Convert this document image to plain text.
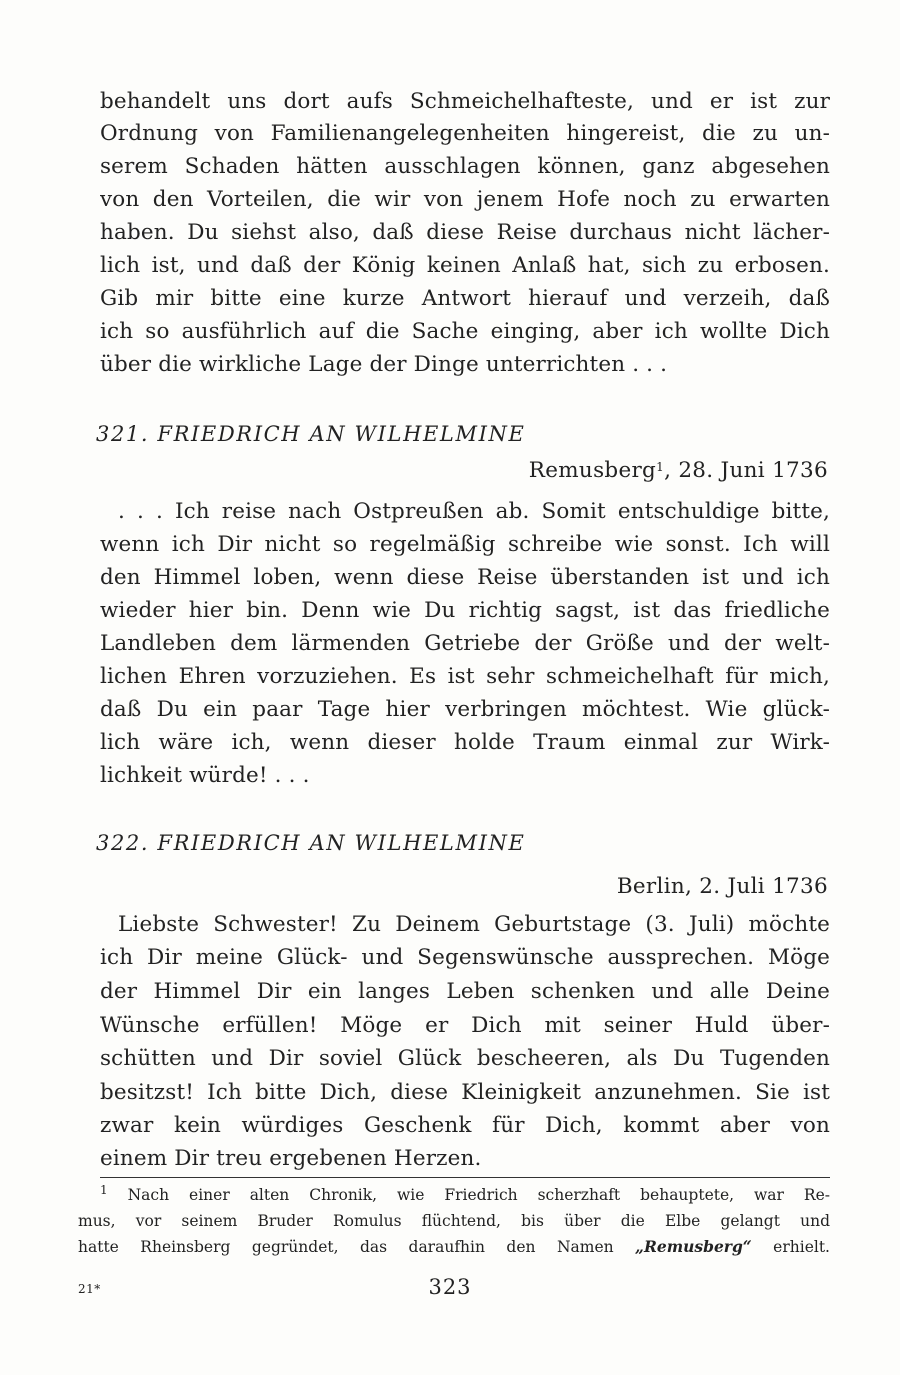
behandelt uns dort aufs Schmeichelhafteste, und er ist zur
Ordnung von Familienangelegenheiten hingereist, die zu un-
serem Schaden hätten ausschlagen können, ganz abgesehen
von den Vorteilen, die wir von jenem Hofe noch zu erwarten
haben. Du siehst also, daß diese Reise durchaus nicht lächer-
lich ist, und daß der König keinen Anlaß hat, sich zu erbosen.
Gib mir bitte eine kurze Antwort hierauf und verzeih, daß
ich so ausführlich auf die Sache einging, aber ich wollte Dich
über die wirkliche Lage der Dinge unterrichten . . .
321. FRIEDRICH AN WILHELMINE
Remusberg$^1$, 28. Juni 1736
. . . Ich reise nach Ostpreußen ab. Somit entschuldige bitte,
wenn ich Dir nicht so regelmäßig schreibe wie sonst. Ich will
den Himmel loben, wenn diese Reise überstanden ist und ich
wieder hier bin. Denn wie Du richtig sagst, ist das friedliche
Landleben dem lärmenden Getriebe der Größe und der welt-
lichen Ehren vorzuziehen. Es ist sehr schmeichelhaft für mich,
daß Du ein paar Tage hier verbringen möchtest. Wie glück-
lich wäre ich, wenn dieser holde Traum einmal zur Wirk-
lichkeit würde! . . .
322. FRIEDRICH AN WILHELMINE
Berlin, 2. Juli 1736
Liebste Schwester! Zu Deinem Geburtstage (3. Juli) möchte
ich Dir meine Glück- und Segenswünsche aussprechen. Möge
der Himmel Dir ein langes Leben schenken und alle Deine
Wünsche erfüllen! Möge er Dich mit seiner Huld über-
schütten und Dir soviel Glück bescheeren, als Du Tugenden
besitzst! Ich bitte Dich, diese Kleinigkeit anzunehmen. Sie ist
zwar kein würdiges Geschenk für Dich, kommt aber von
einem Dir treu ergebenen Herzen.
$^1$ Nach einer alten Chronik, wie Friedrich scherzhaft behauptete, war Re-
mus, vor seinem Bruder Romulus flüchtend, bis über die Elbe gelangt und
hatte Rheinsberg gegründet, das daraufhin den Namen „Remusberg“ erhielt.
21*	323
